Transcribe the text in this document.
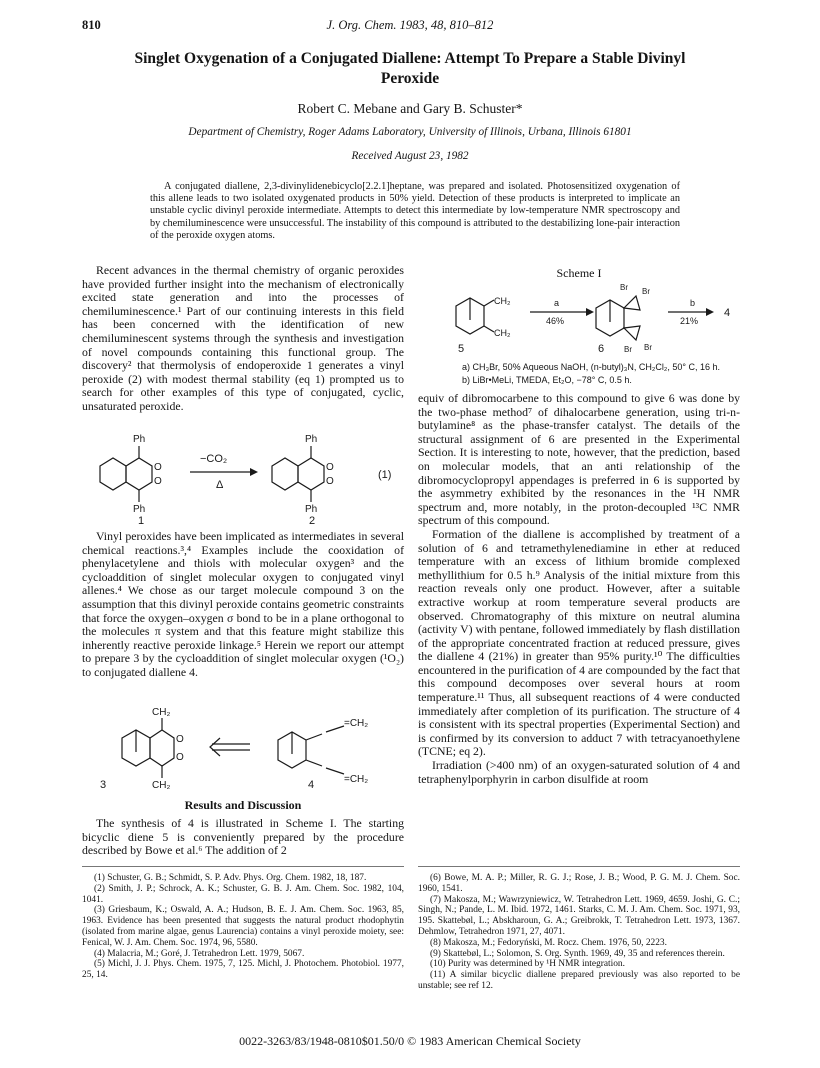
810	J. Org. Chem. 1983, 48, 810–812
Singlet Oxygenation of a Conjugated Diallene: Attempt To Prepare a Stable Divinyl Peroxide
Robert C. Mebane and Gary B. Schuster*
Department of Chemistry, Roger Adams Laboratory, University of Illinois, Urbana, Illinois 61801
Received August 23, 1982

A conjugated diallene, 2,3-divinylidenebicyclo[2.2.1]heptane, was prepared and isolated. Photosensitized oxygenation of this allene leads to two isolated oxygenated products in 50% yield. Detection of these products is interpreted to implicate an unstable cyclic divinyl peroxide intermediate. Attempts to detect this intermediate by low-temperature NMR spectroscopy and by chemiluminescence were unsuccessful. The instability of this compound is attributed to the destabilizing lone-pair interaction of the peroxide oxygen atoms.

Recent advances in the thermal chemistry of organic peroxides have provided further insight into the mechanism of electronically excited state generation and into the processes of chemiluminescence.¹ Part of our continuing interests in this field has been concerned with the identification of new chemiluminescent systems through the synthesis and investigation of novel compounds containing this functional group. The discovery² that thermolysis of endoperoxide 1 generates a vinyl peroxide (2) with modest thermal stability (eq 1) prompted us to search for other examples of this type of conjugated, cyclic, unsaturated peroxide.

Ph
Ph
O
O
1
−CO₂
Δ
Ph
Ph
O
O
2
(1)

Vinyl peroxides have been implicated as intermediates in several chemical reactions.³,⁴ Examples include the cooxidation of phenylacetylene and thiols with molecular oxygen³ and the cycloaddition of singlet molecular oxygen to conjugated vinyl allenes.⁴ We chose as our target molecule compound 3 on the assumption that this divinyl peroxide contains geometric constraints that force the oxygen–oxygen σ bond to be in a plane orthogonal to the molecules π system and that this feature might stabilize this inherently reactive peroxide linkage.⁵ Herein we report our attempt to prepare 3 by the cycloaddition of singlet molecular oxygen (¹O₂) to conjugated diallene 4.

CH₂
CH₂
O
O
3
=CH₂
=CH₂
4
Results and Discussion

The synthesis of 4 is illustrated in Scheme I. The starting bicyclic diene 5 is conveniently prepared by the procedure described by Bowe et al.⁶ The addition of 2

Scheme I
CH₂
CH₂
5
a
46%
Br Br
Br Br
6
b
21%
4
a) CH₃Br, 50% Aqueous NaOH, (n-butyl)₃N, CH₂Cl₂, 50° C, 16 h.
b) LiBr•MeLi, TMEDA, Et₂O, −78° C, 0.5 h.

equiv of dibromocarbene to this compound to give 6 was done by the two-phase method⁷ of dihalocarbene generation, using tri-n-butylamine⁸ as the phase-transfer catalyst. The details of the structural assignment of 6 are presented in the Experimental Section. It is interesting to note, however, that the prediction, based on molecular models, that an anti relationship of the dibromocyclopropyl appendages is preferred in 6 is supported by the asymmetry exhibited by the resonances in the ¹H NMR spectrum and, more notably, in the proton-decoupled ¹³C NMR spectrum of this compound.

Formation of the diallene is accomplished by treatment of a solution of 6 and tetramethylenediamine in ether at reduced temperature with an excess of lithium bromide complexed methyllithium for 0.5 h.⁹ Analysis of the initial mixture from this reaction reveals only one product. However, after a suitable extractive workup at room temperature several products are observed. Chromatography of this mixture on neutral alumina (activity V) with pentane, followed immediately by flash distillation of the appropriate concentrated fraction at reduced pressure, gives the diallene 4 (21%) in greater than 95% purity.¹⁰ The difficulties encountered in the purification of 4 are compounded by the fact that this compound decomposes over several hours at room temperature.¹¹ Thus, all subsequent reactions of 4 were conducted immediately after completion of its purification. The structure of 4 is consistent with its spectral properties (Experimental Section) and is confirmed by its conversion to adduct 7 with tetracyanoethylene (TCNE; eq 2).

Irradiation (>400 nm) of an oxygen-saturated solution of 4 and tetraphenylporphyrin in carbon disulfide at room

(1) Schuster, G. B.; Schmidt, S. P. Adv. Phys. Org. Chem. 1982, 18, 187.
(2) Smith, J. P.; Schrock, A. K.; Schuster, G. B. J. Am. Chem. Soc. 1982, 104, 1041.
(3) Griesbaum, K.; Oswald, A. A.; Hudson, B. E. J. Am. Chem. Soc. 1963, 85, 1963. Evidence has been presented that suggests the natural product rhodophytin (isolated from marine algae, genus Laurencia) contains a vinyl peroxide moiety, see: Fenical, W. J. Am. Chem. Soc. 1974, 96, 5580.
(4) Malacria, M.; Goré, J. Tetrahedron Lett. 1979, 5067.
(5) Michl, J. J. Phys. Chem. 1975, 7, 125. Michl, J. Photochem. Photobiol. 1977, 25, 14.
(6) Bowe, M. A. P.; Miller, R. G. J.; Rose, J. B.; Wood, P. G. M. J. Chem. Soc. 1960, 1541.
(7) Makosza, M.; Wawrzyniewicz, W. Tetrahedron Lett. 1969, 4659. Joshi, G. C.; Singh, N.; Pande, L. M. Ibid. 1972, 1461. Starks, C. M. J. Am. Chem. Soc. 1971, 93, 195. Skattebøl, L.; Abskharoun, G. A.; Greibrokk, T. Tetrahedron Lett. 1973, 1367. Dehmlow, Tetrahedron 1971, 27, 4071.
(8) Makosza, M.; Fedoryński, M. Rocz. Chem. 1976, 50, 2223.
(9) Skattebøl, L.; Solomon, S. Org. Synth. 1969, 49, 35 and references therein.
(10) Purity was determined by ¹H NMR integration.
(11) A similar bicyclic diallene prepared previously was also reported to be unstable; see ref 12.
0022-3263/83/1948-0810$01.50/0 © 1983 American Chemical Society
